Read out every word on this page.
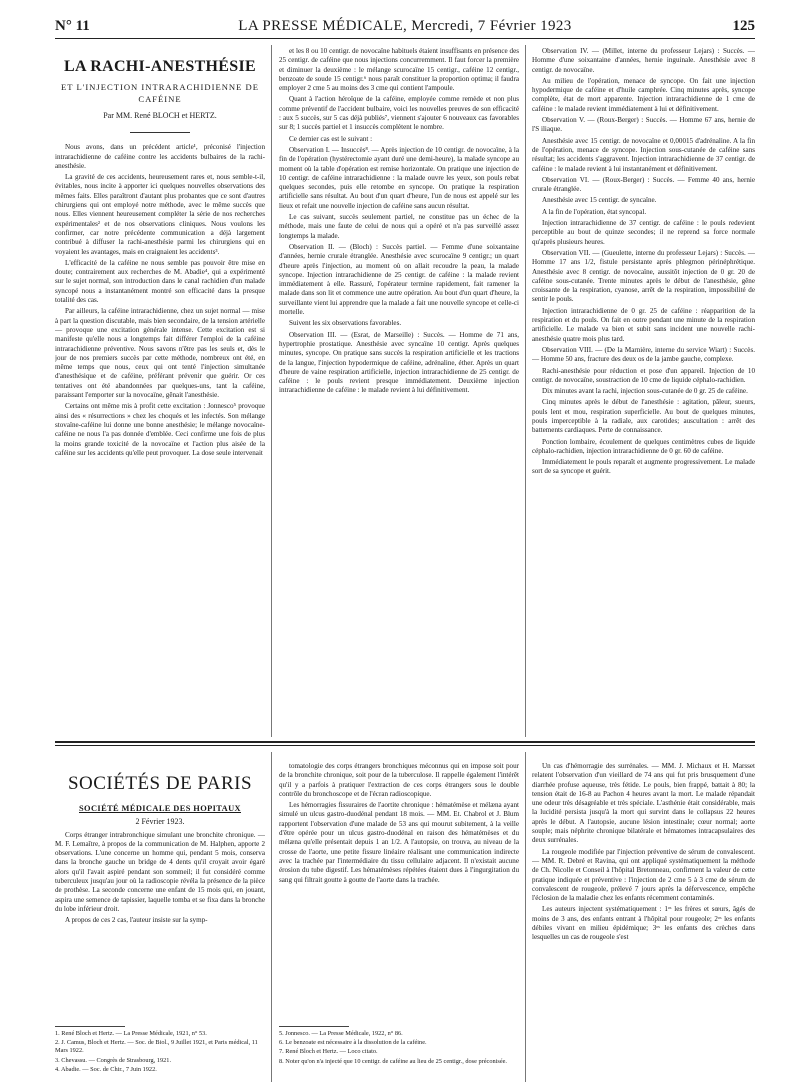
N° 11	LA PRESSE MÉDICALE, Mercredi, 7 Février 1923	125
LA RACHI-ANESTHÉSIE
ET L'INJECTION INTRARACHIDIENNE DE CAFÉINE
Par MM. René BLOCH et HERTZ.

Nous avons, dans un précédent article¹, préconisé l'injection intrarachidienne de caféine contre les accidents bulbaires de la rachi-anesthésie.

La gravité de ces accidents, heureusement rares et, nous semble-t-il, évitables, nous incite à apporter ici quelques nouvelles observations des mêmes faits. Elles paraîtront d'autant plus probantes que ce sont d'autres chirurgiens qui ont employé notre méthode, avec le même succès que nous. Elles viennent heureusement compléter la série de nos recherches expérimentales² et de nos observations cliniques. Nous voulons les confirmer, car notre précédente communication a déjà largement contribué à diffuser la rachi-anesthésie parmi les chirurgiens qui en voyaient les avantages, mais en craignaient les accidents³.

L'efficacité de la caféine ne nous semble pas pouvoir être mise en doute; contrairement aux recherches de M. Abadie⁴, qui a expérimenté sur le sujet normal, son introduction dans le canal rachidien d'un malade syncopé nous a instantanément montré son efficacité dans la presque totalité des cas.

Par ailleurs, la caféine intrarachidienne, chez un sujet normal — mise à part la question discutable, mais bien secondaire, de la tension artérielle — provoque une excitation générale intense. Cette excitation est si manifeste qu'elle nous a longtemps fait différer l'emploi de la caféine intrarachidienne préventive. Nous savons n'être pas les seuls et, dès le jour de nos premiers succès par cette méthode, nombreux ont été, en même temps que nous, ceux qui ont tenté l'injection simultanée d'anesthésique et de caféine, préférant prévenir que guérir. Or ces tentatives ont été abandonnées par quelques-uns, tant la caféine, paraissant l'emporter sur la novocaïne, gênait l'anesthésie.

Certains ont même mis à profit cette excitation : Jonnesco⁵ provoque ainsi des « résurrections » chez les choqués et les infectés. Son mélange stovaïne-caféine lui donne une bonne anesthésie; le mélange novocaïne-caféine ne nous l'a pas donnée d'emblée. Ceci confirme une fois de plus la moins grande toxicité de la novocaïne et l'action plus aisée de la caféine sur les accidents qu'elle peut provoquer. La dose seule intervenait

et les 8 ou 10 centigr. de novocaïne habituels étaient insuffisants en présence des 25 centigr. de caféine que nous injections concurremment. Il faut forcer la première et diminuer la deuxième : le mélange scurocaïne 15 centigr., caféine 12 centigr., benzoate de soude 15 centigr.⁶ nous paraît constituer la proportion optima; il faudra employer 2 cme 5 au moins des 3 cme qui contient l'ampoule.

Quant à l'action héroïque de la caféine, employée comme remède et non plus comme préventif de l'accident bulbaire, voici les nouvelles preuves de son efficacité : aux 5 succès, sur 5 cas déjà publiés⁷, viennent s'ajouter 6 nouveaux cas favorables sur 8; 1 succès partiel et 1 insuccès complètent le nombre.

Ce dernier cas est le suivant :

Observation I. — Insuccès⁸. — Après injection de 10 centigr. de novocaïne, à la fin de l'opération (hystérectomie ayant duré une demi-heure), la malade syncope au moment où la table d'opération est remise horizontale. On pratique une injection de 10 centigr. de caféine intrarachidienne : la malade ouvre les yeux, son pouls rebat quelques secondes, puis elle retombe en syncope. On pratique la respiration artificielle sans résultat. Au bout d'un quart d'heure, l'un de nous est appelé sur les lieux et refait une nouvelle injection de caféine sans aucun résultat.

Le cas suivant, succès seulement partiel, ne constitue pas un échec de la méthode, mais une faute de celui de nous qui a opéré et n'a pas surveillé assez longtemps la malade.

Observation II. — (Bloch) : Succès partiel. — Femme d'une soixantaine d'années, hernie crurale étranglée. Anesthésie avec scurocaïne 9 centigr.; un quart d'heure après l'injection, au moment où on allait recoudre la peau, la malade syncope. Injection intrarachidienne de 25 centigr. de caféine : la malade revient immédiatement à elle. Rassuré, l'opérateur termine rapidement, fait ramener la malade dans son lit et commence une autre opération. Au bout d'un quart d'heure, la surveillante vient lui apprendre que la malade a fait une nouvelle syncope et celle-ci mortelle.

Suivent les six observations favorables.

Observation III. — (Esrat, de Marseille) : Succès. — Homme de 71 ans, hypertrophie prostatique. Anesthésie avec syncaïne 10 centigr. Après quelques minutes, syncope. On pratique sans succès la respiration artificielle et les tractions de la langue, l'injection hypodermique de caféine, adrénaline, éther. Après un quart d'heure de vaine respiration artificielle, injection intrarachidienne de 25 centigr. de caféine : le pouls revient presque immédiatement. Deuxième injection intrarachidienne de caféine : le malade revient à lui définitivement.

Observation IV. — (Millet, interne du professeur Lejars) : Succès. — Homme d'une soixantaine d'années, hernie inguinale. Anesthésie avec 8 centigr. de novocaïne.

Au milieu de l'opération, menace de syncope. On fait une injection hypodermique de caféine et d'huile camphrée. Cinq minutes après, syncope complète, état de mort apparente. Injection intrarachidienne de 1 cme de caféine : le malade revient immédiatement à lui et définitivement.

Observation V. — (Roux-Berger) : Succès. — Homme 67 ans, hernie de l'S iliaque.

Anesthésie avec 15 centigr. de novocaïne et 0,00015 d'adrénaline. A la fin de l'opération, menace de syncope. Injection sous-cutanée de caféine sans résultat; les accidents s'aggravent. Injection intrarachidienne de 37 centigr. de caféine : le malade revient à lui instantanément et définitivement.

Observation VI. — (Roux-Berger) : Succès. — Femme 40 ans, hernie crurale étranglée.

Anesthésie avec 15 centigr. de syncaïne.

A la fin de l'opération, état syncopal.

Injection intrarachidienne de 37 centigr. de caféine : le pouls redevient perceptible au bout de quinze secondes; il ne reprend sa force normale qu'après plusieurs heures.

Observation VII. — (Gueulette, interne du professeur Lejars) : Succès. — Homme 17 ans 1/2, fistule persistante après phlegmon périnéphrétique. Anesthésie avec 8 centigr. de novocaïne, aussitôt injection de 0 gr. 20 de caféine sous-cutanée. Trente minutes après le début de l'anesthésie, gêne croissante de la respiration, cyanose, arrêt de la respiration, impossibilité de sentir le pouls.

Injection intrarachidienne de 0 gr. 25 de caféine : réapparition de la respiration et du pouls. On fait en outre pendant une minute de la respiration artificielle. Le malade va bien et subit sans incident une nouvelle rachi-anesthésie quatre mois plus tard.

Observation VIII. — (De la Marnière, interne du service Wiart) : Succès. — Homme 50 ans, fracture des deux os de la jambe gauche, complexe.

Rachi-anesthésie pour réduction et pose d'un appareil. Injection de 10 centigr. de novocaïne, soustraction de 10 cme de liquide céphalo-rachidien.

Dix minutes avant la rachi, injection sous-cutanée de 0 gr. 25 de caféine.

Cinq minutes après le début de l'anesthésie : agitation, pâleur, sueurs, pouls lent et mou, respiration superficielle. Au bout de quelques minutes, pouls imperceptible à la radiale, aux carotides; auscultation : arrêt des battements cardiaques. Perte de connaissance.

Ponction lombaire, écoulement de quelques centimètres cubes de liquide céphalo-rachidien, injection intrarachidienne de 0 gr. 60 de caféine.

Immédiatement le pouls reparaît et augmente progressivement. Le malade sort de sa syncope et guérit.

SOCIÉTÉS DE PARIS
SOCIÉTÉ MÉDICALE DES HOPITAUX
2 Février 1923.

Corps étranger intrabronchique simulant une bronchite chronique. — M. F. Lemaître, à propos de la communication de M. Halphen, apporte 2 observations. L'une concerne un homme qui, pendant 5 mois, conserva dans la bronche gauche un bridge de 4 dents qu'il croyait avoir égaré alors qu'il l'avait aspiré pendant son sommeil; il fut considéré comme tuberculeux jusqu'au jour où la radioscopie révéla la présence de la pièce de prothèse. La seconde concerne une enfant de 15 mois qui, en jouant, aspira une semence de tapissier, laquelle tomba et se fixa dans la bronche du lobe inférieur droit.

A propos de ces 2 cas, l'auteur insiste sur la symp-

tomatologie des corps étrangers bronchiques méconnus qui en impose soit pour de la bronchite chronique, soit pour de la tuberculose. Il rappelle également l'intérêt qu'il y a parfois à pratiquer l'extraction de ces corps étrangers sous le double contrôle du bronchoscope et de l'écran radioscopique.

Les hémorragies fissuraires de l'aortite chronique : hématémèse et mélæna ayant simulé un ulcus gastro-duodénal pendant 18 mois. — MM. Et. Chabrol et J. Blum rapportent l'observation d'une malade de 53 ans qui mourut subitement, à la veille d'être opérée pour un ulcus gastro-duodénal en raison des hématémèses et du mélæna qu'elle présentait depuis 1 an 1/2. A l'autopsie, on trouva, au niveau de la crosse de l'aorte, une petite fissure linéaire réalisant une communication indirecte avec la trachée par l'intermédiaire du tissu cellulaire adjacent. Il n'existait aucune érosion du tube digestif. Les hématémèses répétées étaient dues à l'ingurgitation du sang qui filtrait goutte à goutte de l'aorte dans la trachée.

Un cas d'hémorragie des surrénales. — MM. J. Michaux et H. Marsset relatent l'observation d'un vieillard de 74 ans qui fut pris brusquement d'une diarrhée profuse aqueuse, très fétide. Le pouls, bien frappé, battait à 80; la tension était de 16-8 au Pachon 4 heures avant la mort. Le malade répandait une odeur très désagréable et très spéciale. L'asthénie était considérable, mais la lucidité persista jusqu'à la mort qui survint dans le collapsus 22 heures après le début. A l'autopsie, aucune lésion intestinale; cœur normal; aorte souple; mais néphrite chronique bilatérale et hématomes intracapsulaires des deux surrénales.

La rougeole modifiée par l'injection préventive de sérum de convalescent. — MM. R. Debré et Ravina, qui ont appliqué systématiquement la méthode de Ch. Nicolle et Conseil à l'hôpital Bretonneau, confirment la valeur de cette pratique indiquée et préventive : l'injection de 2 cme 5 à 3 cme de sérum de convalescent de rougeole, prélevé 7 jours après la défervescence, empêche l'éclosion de la maladie chez les enfants récemment contaminés.

Les auteurs injectent systématiquement : 1ᵒˢ les frères et sœurs, âgés de moins de 3 ans, des enfants entrant à l'hôpital pour rougeole; 2ᵒˢ les enfants débiles vivant en milieu épidémique; 3ᵒˢ les enfants des crèches dans lesquelles un cas de rougeole s'est

1. René Bloch et Hertz. — La Presse Médicale, 1921, n° 53.
2. J. Camus, Bloch et Hertz. — Soc. de Biol., 9 Juillet 1921, et Paris médical, 11 Mars 1922.
3. Chevassu. — Congrès de Strasbourg, 1921.
4. Abadie. — Soc. de Chir., 7 Juin 1922.
5. Jonnesco. — La Presse Médicale, 1922, n° 86.
6. Le benzoate est nécessaire à la dissolution de la caféine.
7. René Bloch et Hertz. — Loco citato.
8. Noter qu'on n'a injecté que 10 centigr. de caféine au lieu de 25 centigr., dose préconisée.
